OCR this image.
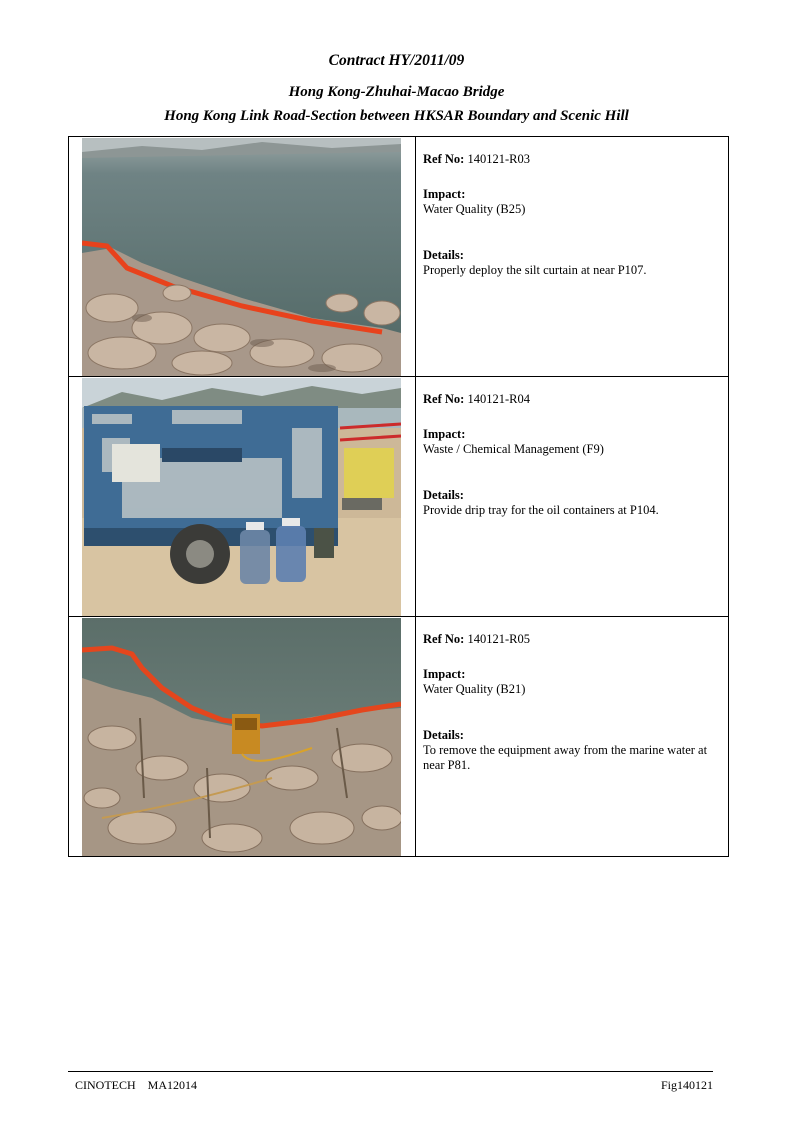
Contract HY/2011/09
Hong Kong-Zhuhai-Macao Bridge
Hong Kong Link Road-Section between HKSAR Boundary and Scenic Hill

Ref No: 140121-R03
Impact:
Water Quality (B25)
Details:
Properly deploy the silt curtain at near P107.

Ref No: 140121-R04
Impact:
Waste / Chemical Management (F9)
Details:
Provide drip tray for the oil containers at P104.

Ref No: 140121-R05
Impact:
Water Quality (B21)
Details:
To remove the equipment away from the marine water at near P81.
CINOTECH    MA12014	Fig140121
